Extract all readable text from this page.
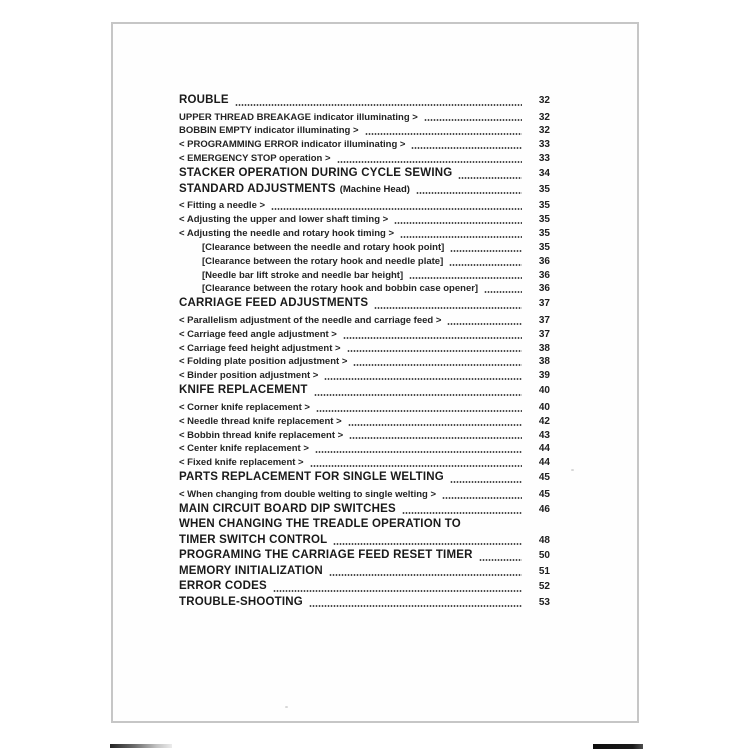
ROUBLE	32
UPPER THREAD BREAKAGE indicator illuminating >	32
BOBBIN EMPTY indicator illuminating >	32
< PROGRAMMING ERROR indicator illuminating >	33
< EMERGENCY STOP operation >	33
STACKER OPERATION DURING CYCLE SEWING	34
STANDARD ADJUSTMENTS (Machine Head)	35
< Fitting a needle >	35
< Adjusting the upper and lower shaft timing >	35
< Adjusting the needle and rotary hook timing >	35
[Clearance between the needle and rotary hook point]	35
[Clearance between the rotary hook and needle plate]	36
[Needle bar lift stroke and needle bar height]	36
[Clearance between the rotary hook and bobbin case opener]	36
CARRIAGE FEED ADJUSTMENTS	37
< Parallelism adjustment of the needle and carriage feed >	37
< Carriage feed angle adjustment >	37
< Carriage feed height adjustment >	38
< Folding plate position adjustment >	38
< Binder position adjustment >	39
KNIFE REPLACEMENT	40
< Corner knife replacement >	40
< Needle thread knife replacement >	42
< Bobbin thread knife replacement >	43
< Center knife replacement >	44
< Fixed knife replacement >	44
PARTS REPLACEMENT FOR SINGLE WELTING	45
< When changing from double welting to single welting >	45
MAIN CIRCUIT BOARD DIP SWITCHES	46
WHEN CHANGING THE TREADLE OPERATION TO
TIMER SWITCH CONTROL	48
PROGRAMING THE CARRIAGE FEED RESET TIMER	50
MEMORY INITIALIZATION	51
ERROR CODES	52
TROUBLE-SHOOTING	53
